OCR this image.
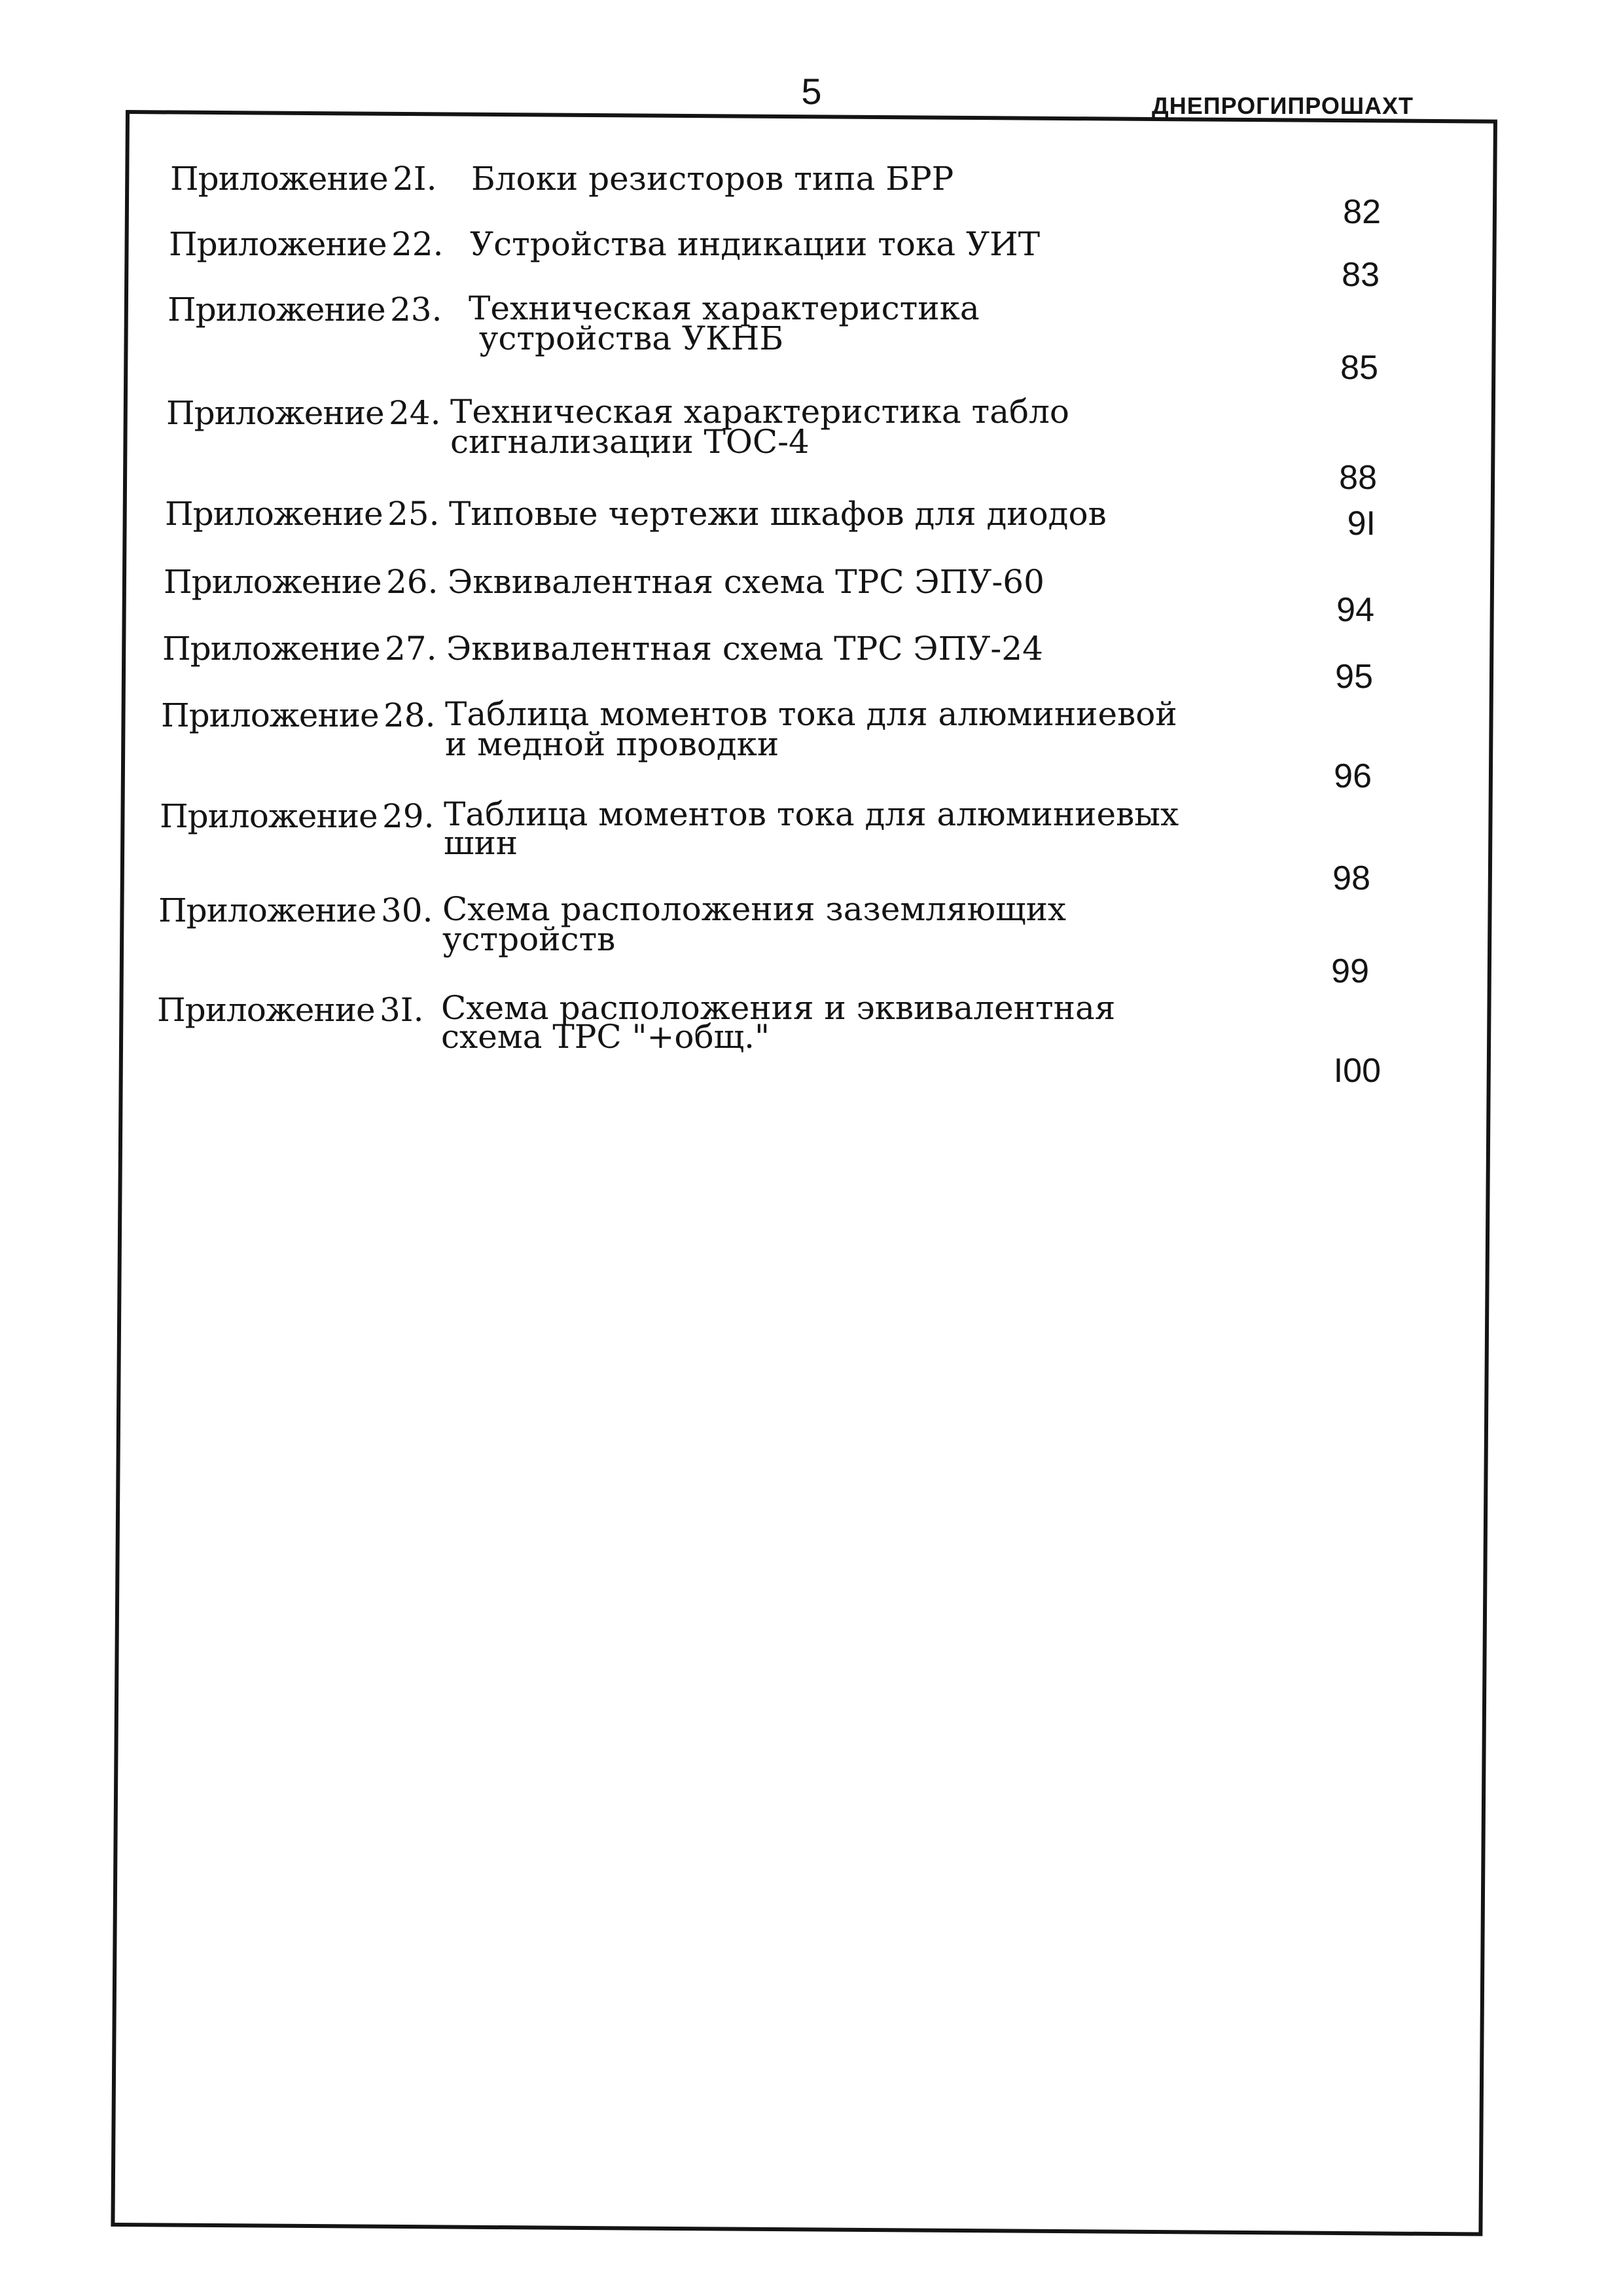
5	ДНЕПРОГИПРОШАХТ
Приложение 2I. Блоки резисторов типа БРР
82
Приложение 22. Устройства индикации тока УИТ
83
Приложение 23. Техническая характеристика
устройства УКНБ
85
Приложение 24. Техническая характеристика табло
сигнализации ТОС-4
88
Приложение 25. Типовые чертежи шкафов для диодов	9I
Приложение 26. Эквивалентная схема ТРС ЭПУ-60
94
Приложение 27. Эквивалентная схема ТРС ЭПУ-24
95
Приложение 28. Таблица моментов тока для алюминиевой
и медной проводки
96
Приложение 29. Таблица моментов тока для алюминиевых
шин
98
Приложение 30. Схема расположения заземляющих
устройств
99
Приложение 3I. Схема расположения и эквивалентная
схема ТРС "+общ."
I00
